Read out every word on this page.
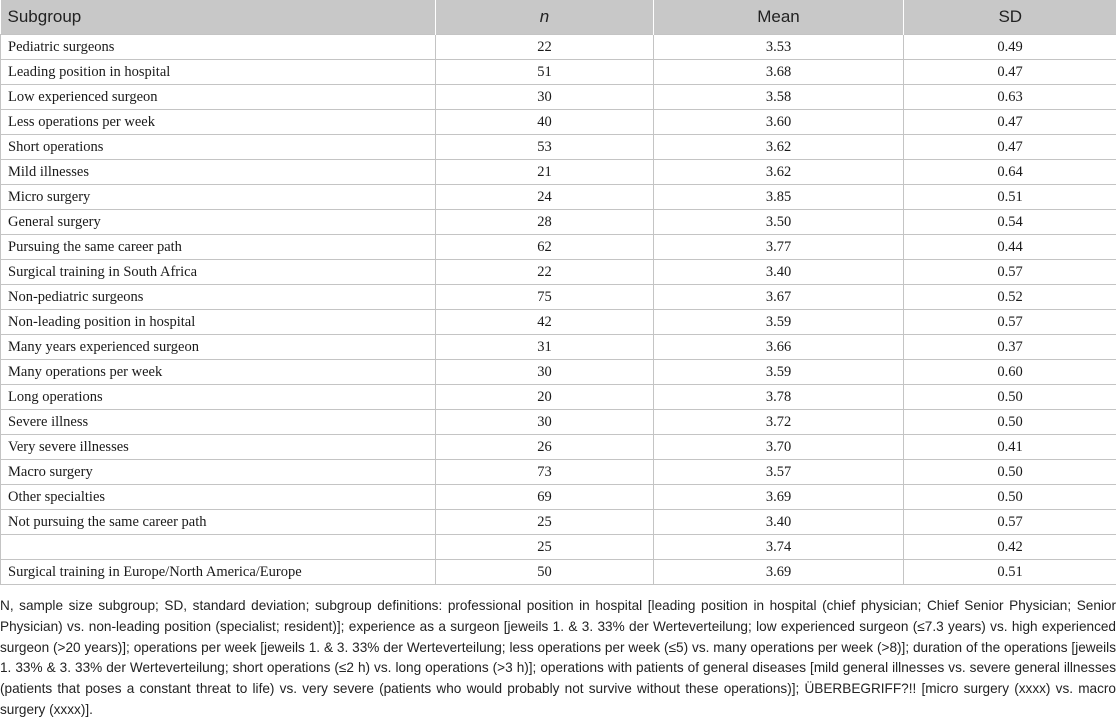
Subgroup	n	Mean	SD
Pediatric surgeons	22	3.53	0.49
Leading position in hospital	51	3.68	0.47
Low experienced surgeon	30	3.58	0.63
Less operations per week	40	3.60	0.47
Short operations	53	3.62	0.47
Mild illnesses	21	3.62	0.64
Micro surgery	24	3.85	0.51
General surgery	28	3.50	0.54
Pursuing the same career path	62	3.77	0.44
Surgical training in South Africa	22	3.40	0.57
Non-pediatric surgeons	75	3.67	0.52
Non-leading position in hospital	42	3.59	0.57
Many years experienced surgeon	31	3.66	0.37
Many operations per week	30	3.59	0.60
Long operations	20	3.78	0.50
Severe illness	30	3.72	0.50
Very severe illnesses	26	3.70	0.41
Macro surgery	73	3.57	0.50
Other specialties	69	3.69	0.50
Not pursuing the same career path	25	3.40	0.57
	25	3.74	0.42
Surgical training in Europe/North America/Europe	50	3.69	0.51
N, sample size subgroup; SD, standard deviation; subgroup definitions: professional position in hospital [leading position in hospital (chief physician; Chief Senior Physician; Senior Physician) vs. non-leading position (specialist; resident)]; experience as a surgeon [jeweils 1. & 3. 33% der Werteverteilung; low experienced surgeon (≤7.3 years) vs. high experienced surgeon (>20 years)]; operations per week [jeweils 1. & 3. 33% der Werteverteilung; less operations per week (≤5) vs. many operations per week (>8)]; duration of the operations [jeweils 1. 33% & 3. 33% der Werteverteilung; short operations (≤2 h) vs. long operations (>3 h)]; operations with patients of general diseases [mild general illnesses vs. severe general illnesses (patients that poses a constant threat to life) vs. very severe (patients who would probably not survive without these operations)]; ÜBERBEGRIFF?!! [micro surgery (xxxx) vs. macro surgery (xxxx)].
